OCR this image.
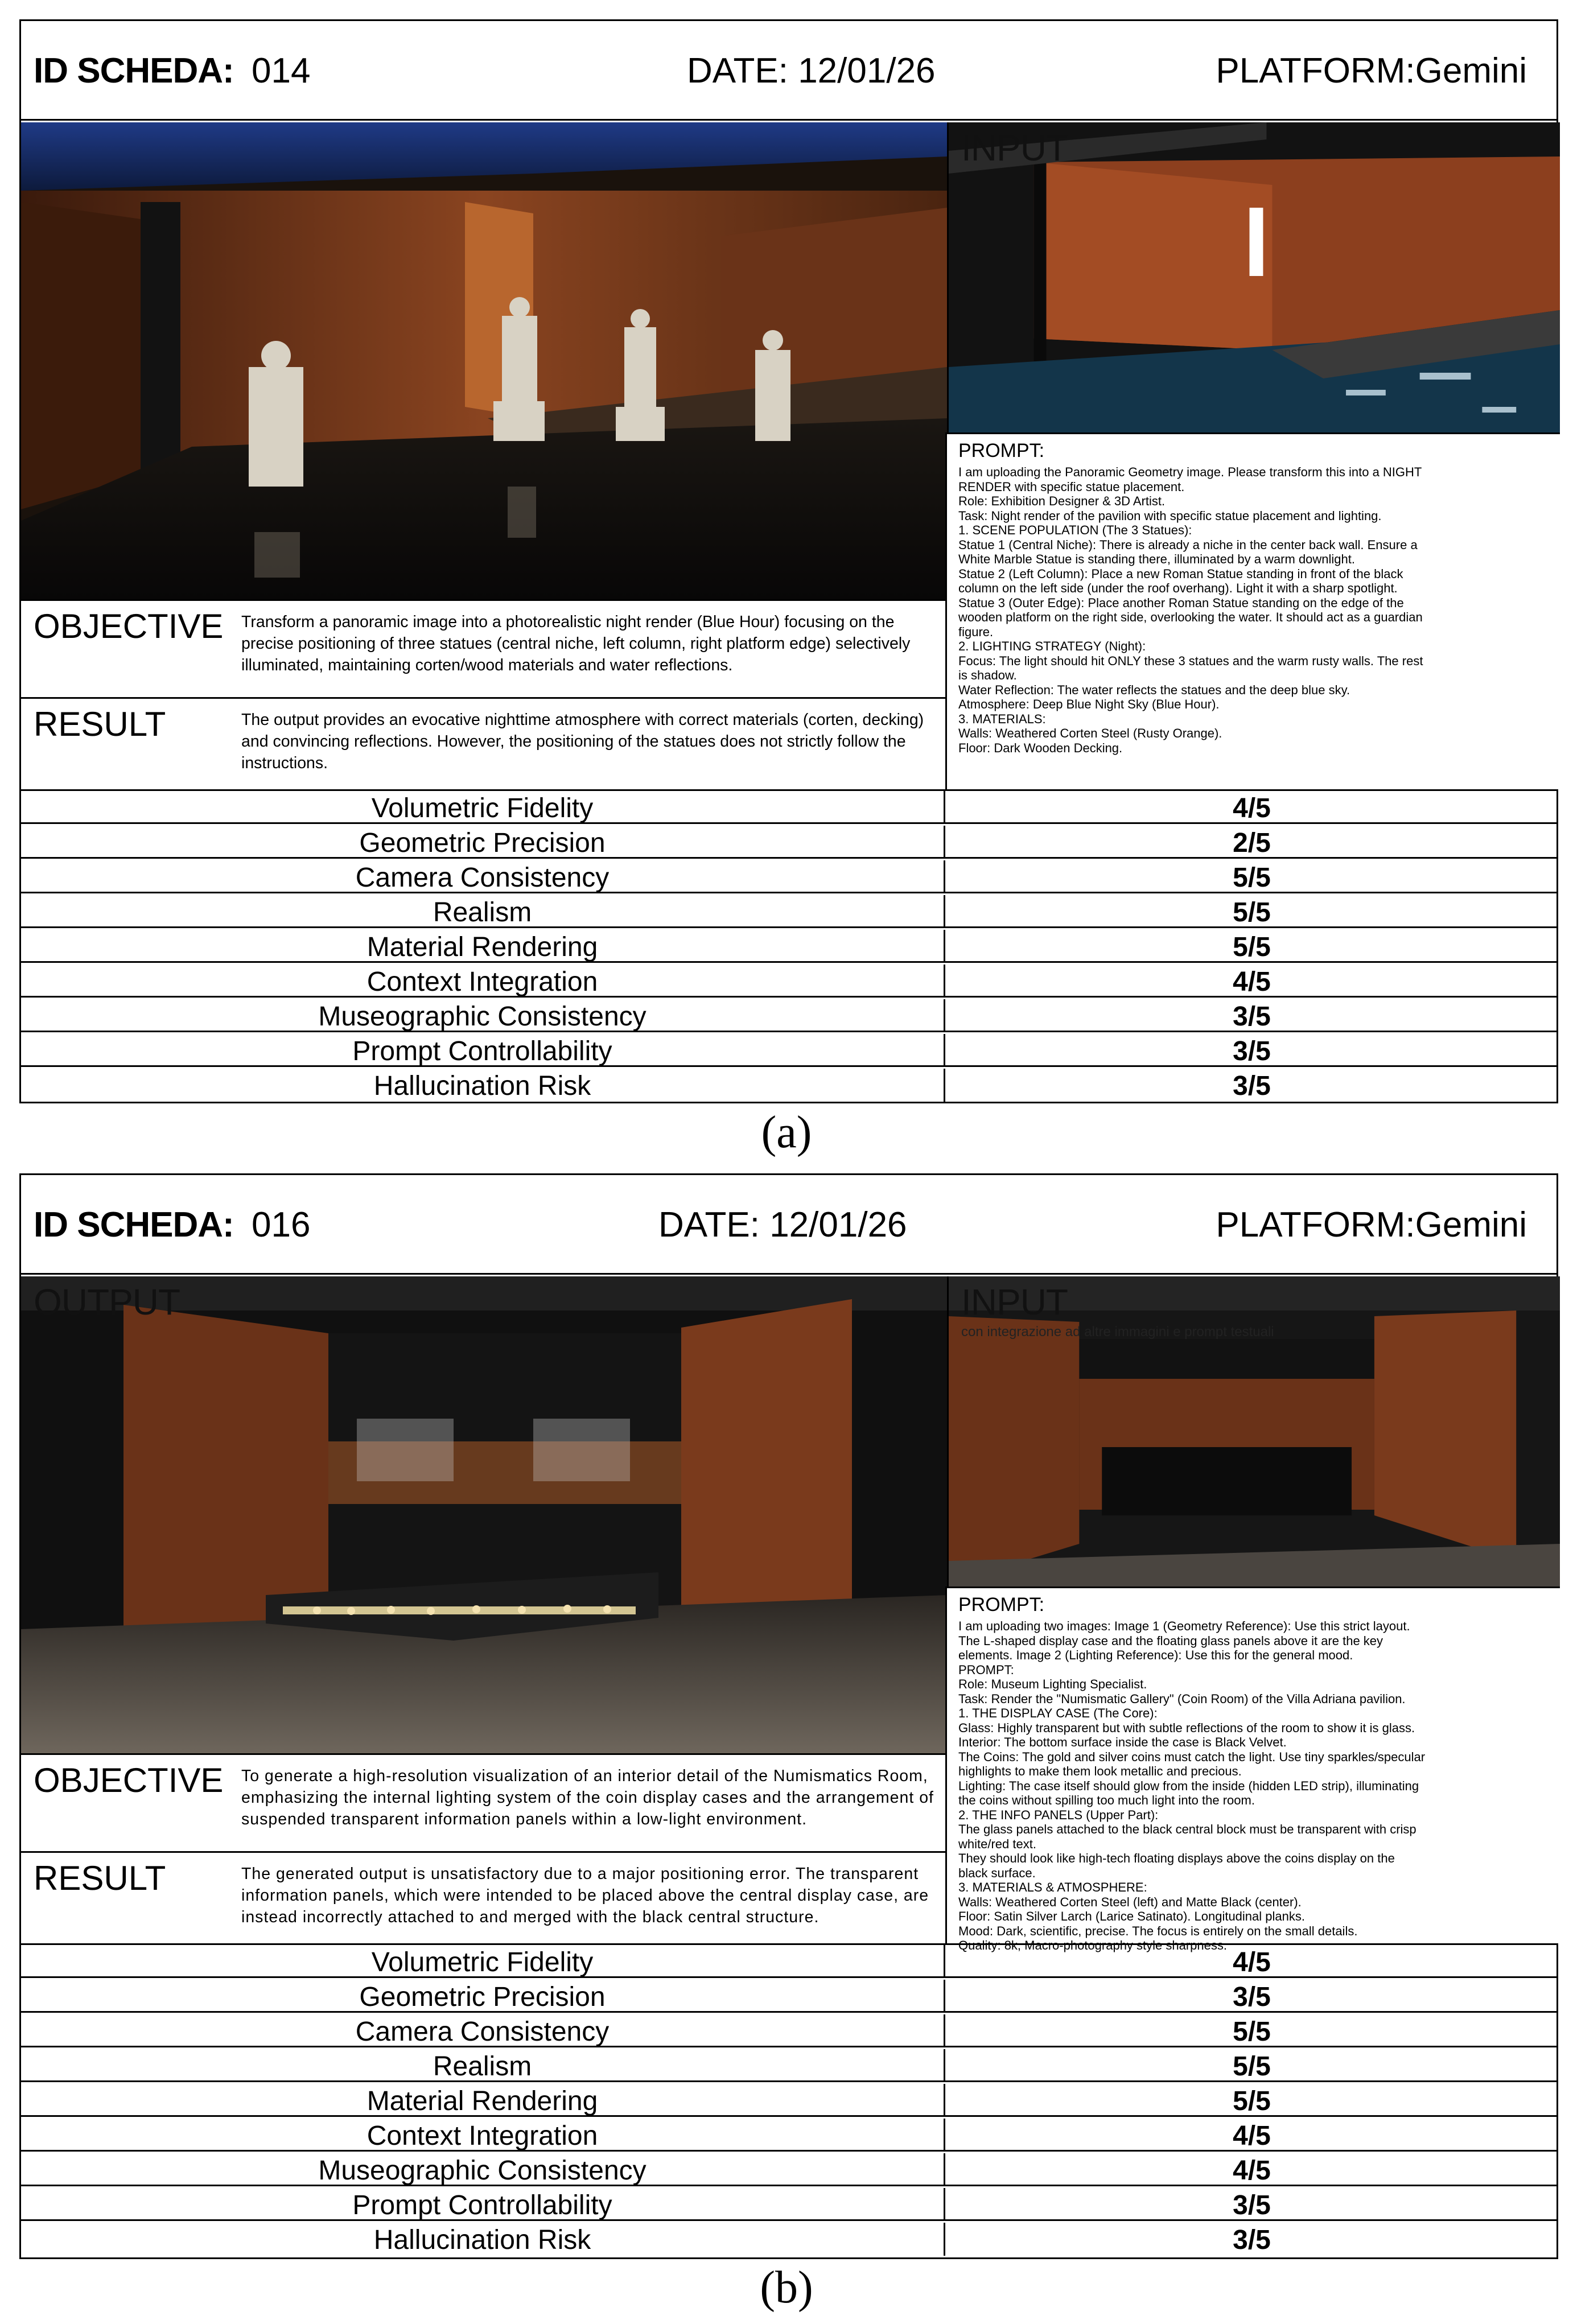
ID SCHEDA: 014	DATE: 12/01/26	PLATFORM:Gemini
INPUT
PROMPT:
I am uploading the Panoramic Geometry image. Please transform this into a NIGHT
RENDER with specific statue placement.
Role: Exhibition Designer & 3D Artist.
Task: Night render of the pavilion with specific statue placement and lighting.
1. SCENE POPULATION (The 3 Statues):
Statue 1 (Central Niche): There is already a niche in the center back wall. Ensure a
White Marble Statue is standing there, illuminated by a warm downlight.
Statue 2 (Left Column): Place a new Roman Statue standing in front of the black
column on the left side (under the roof overhang). Light it with a sharp spotlight.
Statue 3 (Outer Edge): Place another Roman Statue standing on the edge of the
wooden platform on the right side, overlooking the water. It should act as a guardian
figure.
2. LIGHTING STRATEGY (Night):
Focus: The light should hit ONLY these 3 statues and the warm rusty walls. The rest
is shadow.
Water Reflection: The water reflects the statues and the deep blue sky.
Atmosphere: Deep Blue Night Sky (Blue Hour).
3. MATERIALS:
Walls: Weathered Corten Steel (Rusty Orange).
Floor: Dark Wooden Decking.
OBJECTIVE Transform a panoramic image into a photorealistic night render (Blue Hour) focusing on the precise positioning of three statues (central niche, left column, right platform edge) selectively illuminated, maintaining corten/wood materials and water reflections.
RESULT	The output provides an evocative nighttime atmosphere with correct materials (corten, decking) and convincing reflections. However, the positioning of the statues does not strictly follow the instructions.
Volumetric Fidelity	4/5
Geometric Precision	2/5
Camera Consistency	5/5
Realism	5/5
Material Rendering	5/5
Context Integration	4/5
Museographic Consistency	3/5
Prompt Controllability	3/5
Hallucination Risk	3/5
(a)
ID SCHEDA: 016	DATE: 12/01/26	PLATFORM:Gemini
OUTPUT	INPUT
con integrazione ad altre immagini e prompt testuali
PROMPT:
I am uploading two images: Image 1 (Geometry Reference): Use this strict layout.
The L-shaped display case and the floating glass panels above it are the key
elements. Image 2 (Lighting Reference): Use this for the general mood.
PROMPT:
Role: Museum Lighting Specialist.
Task: Render the "Numismatic Gallery" (Coin Room) of the Villa Adriana pavilion.
1. THE DISPLAY CASE (The Core):
Glass: Highly transparent but with subtle reflections of the room to show it is glass.
Interior: The bottom surface inside the case is Black Velvet.
The Coins: The gold and silver coins must catch the light. Use tiny sparkles/specular
highlights to make them look metallic and precious.
Lighting: The case itself should glow from the inside (hidden LED strip), illuminating
the coins without spilling too much light into the room.
2. THE INFO PANELS (Upper Part):
The glass panels attached to the black central block must be transparent with crisp
white/red text.
They should look like high-tech floating displays above the coins display on the
black surface.
3. MATERIALS & ATMOSPHERE:
Walls: Weathered Corten Steel (left) and Matte Black (center).
Floor: Satin Silver Larch (Larice Satinato). Longitudinal planks.
Mood: Dark, scientific, precise. The focus is entirely on the small details.
Quality: 8k, Macro-photography style sharpness.
OBJECTIVE To generate a high-resolution visualization of an interior detail of the Numismatics Room, emphasizing the internal lighting system of the coin display cases and the arrangement of suspended transparent information panels within a low-light environment.
RESULT	The generated output is unsatisfactory due to a major positioning error. The transparent information panels, which were intended to be placed above the central display case, are instead incorrectly attached to and merged with the black central structure.
Volumetric Fidelity	4/5
Geometric Precision	3/5
Camera Consistency	5/5
Realism	5/5
Material Rendering	5/5
Context Integration	4/5
Museographic Consistency	4/5
Prompt Controllability	3/5
Hallucination Risk	3/5
(b)
